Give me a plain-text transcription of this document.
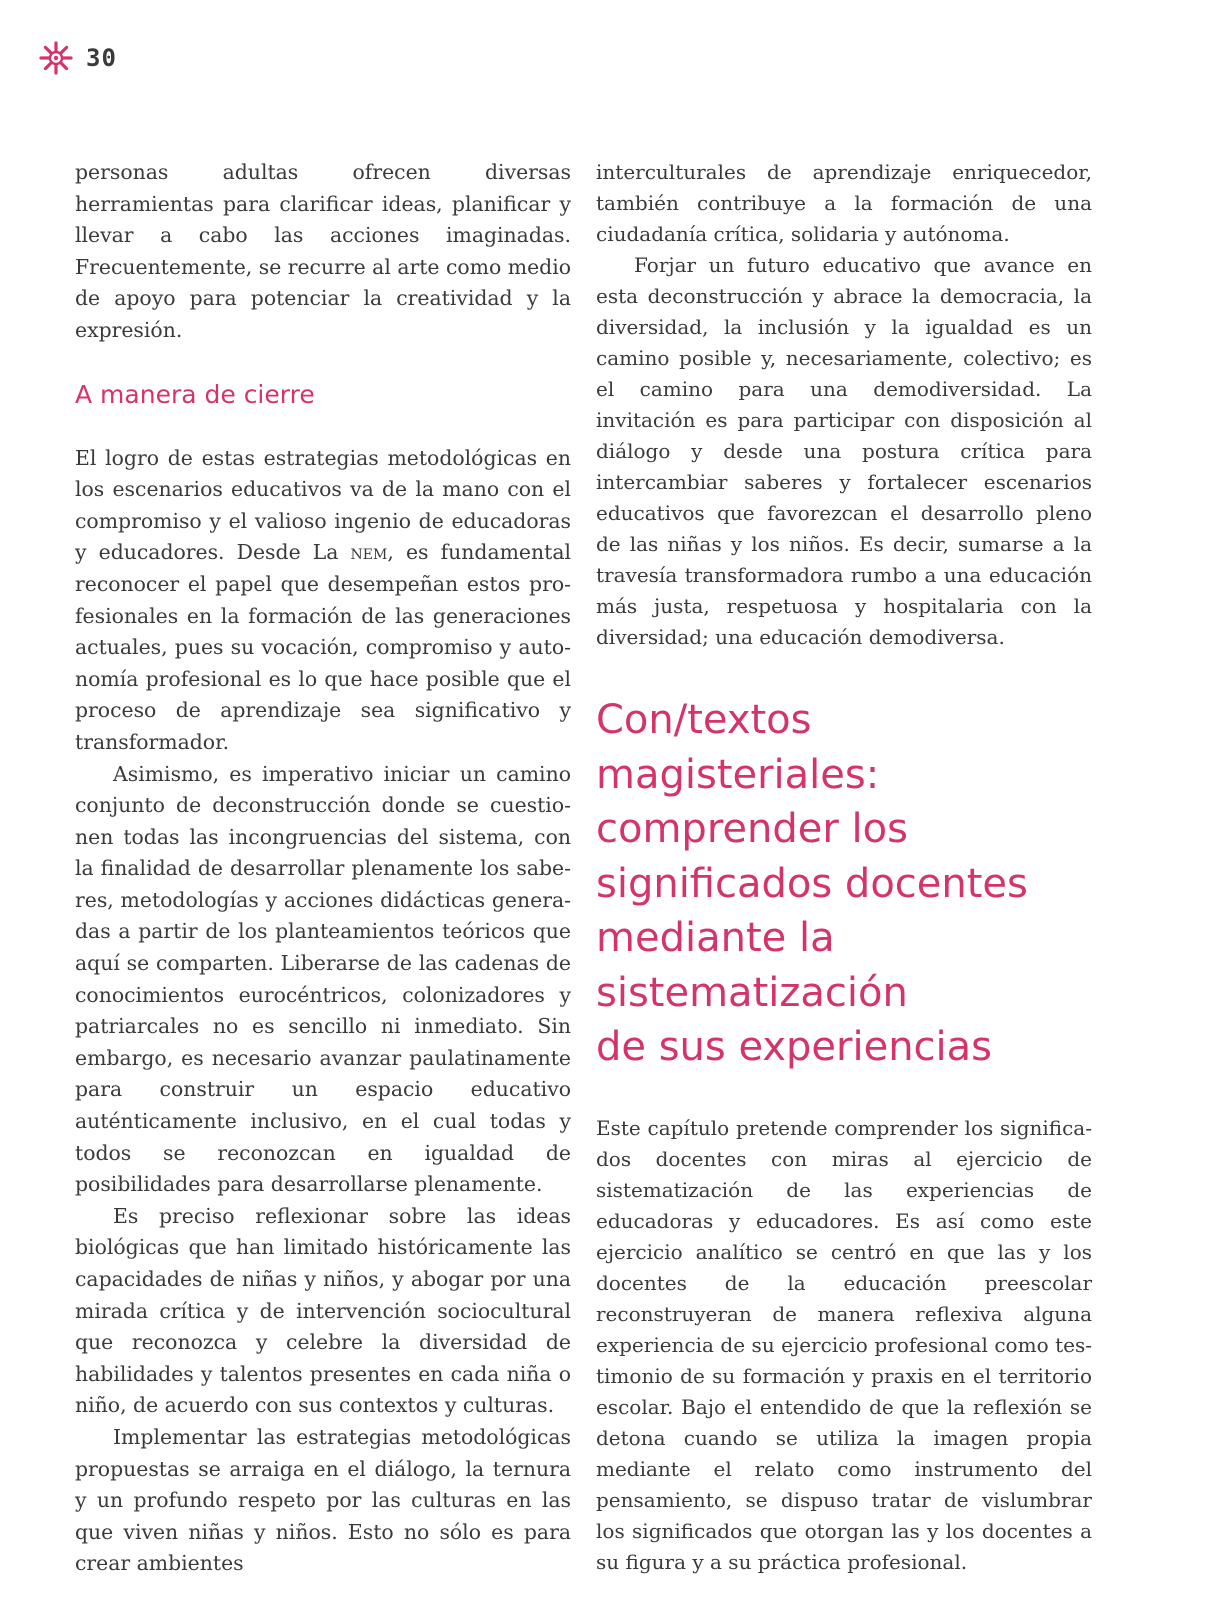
30

personas adultas ofrecen diversas herramientas para clarificar ideas, planificar y llevar a cabo las acciones imaginadas. Frecuentemente, se recurre al arte como medio de apoyo para potenciar la creatividad y la expresión.

A manera de cierre

El logro de estas estrategias metodológicas en los escenarios educativos va de la mano con el compromiso y el valioso ingenio de educadoras y educadores. Desde La nem, es fundamental reconocer el papel que desempeñan estos profesionales en la formación de las generaciones actuales, pues su vocación, compromiso y autonomía profesional es lo que hace posible que el proceso de aprendizaje sea significativo y transformador.

Asimismo, es imperativo iniciar un camino conjunto de deconstrucción donde se cuestionen todas las incongruencias del sistema, con la finalidad de desarrollar plenamente los saberes, metodologías y acciones didácticas generadas a partir de los planteamientos teóricos que aquí se comparten. Liberarse de las cadenas de conocimientos eurocéntricos, colonizadores y patriarcales no es sencillo ni inmediato. Sin embargo, es necesario avanzar paulatinamente para construir un espacio educativo auténticamente inclusivo, en el cual todas y todos se reconozcan en igualdad de posibilidades para desarrollarse plenamente.

Es preciso reflexionar sobre las ideas biológicas que han limitado históricamente las capacidades de niñas y niños, y abogar por una mirada crítica y de intervención sociocultural que reconozca y celebre la diversidad de habilidades y talentos presentes en cada niña o niño, de acuerdo con sus contextos y culturas.

Implementar las estrategias metodológicas propuestas se arraiga en el diálogo, la ternura y un profundo respeto por las culturas en las que viven niñas y niños. Esto no sólo es para crear ambientes

interculturales de aprendizaje enriquecedor, también contribuye a la formación de una ciudadanía crítica, solidaria y autónoma.

Forjar un futuro educativo que avance en esta deconstrucción y abrace la democracia, la diversidad, la inclusión y la igualdad es un camino posible y, necesariamente, colectivo; es el camino para una demodiversidad. La invitación es para participar con disposición al diálogo y desde una postura crítica para intercambiar saberes y fortalecer escenarios educativos que favorezcan el desarrollo pleno de las niñas y los niños. Es decir, sumarse a la travesía transformadora rumbo a una educación más justa, respetuosa y hospitalaria con la diversidad; una educación demodiversa.

Con/textos
magisteriales:
comprender los
significados docentes
mediante la
sistematización
de sus experiencias

Este capítulo pretende comprender los significados docentes con miras al ejercicio de sistematización de las experiencias de educadoras y educadores. Es así como este ejercicio analítico se centró en que las y los docentes de la educación preescolar reconstruyeran de manera reflexiva alguna experiencia de su ejercicio profesional como testimonio de su formación y praxis en el territorio escolar. Bajo el entendido de que la reflexión se detona cuando se utiliza la imagen propia mediante el relato como instrumento del pensamiento, se dispuso tratar de vislumbrar los significados que otorgan las y los docentes a su figura y a su práctica profesional.
